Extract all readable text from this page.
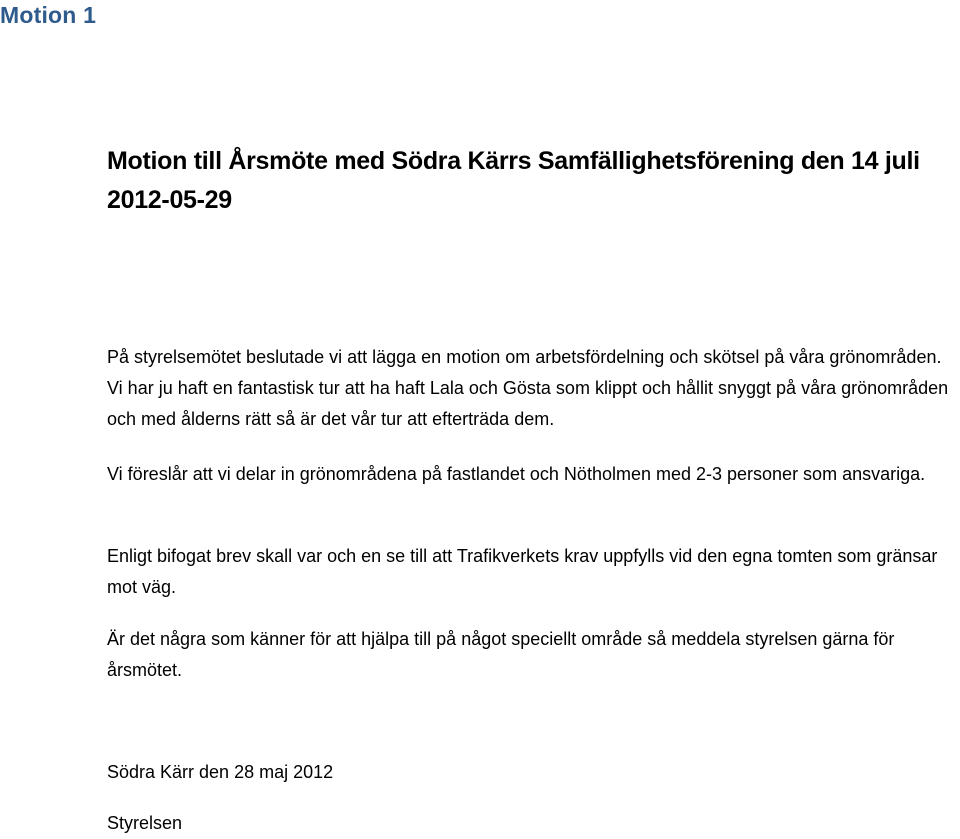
Motion 1
Motion till Årsmöte med Södra Kärrs Samfällighetsförening den 14 juli 2012-05-29

På styrelsemötet beslutade vi att lägga en motion om arbetsfördelning och skötsel på våra grönområden. Vi har ju haft en fantastisk tur att ha haft Lala och Gösta som klippt och hållit snyggt på våra grönområden och med ålderns rätt så är det vår tur att efterträda dem.

Vi föreslår att vi delar in grönområdena på fastlandet och Nötholmen med 2-3 personer som ansvariga.

Enligt bifogat brev skall var och en se till att Trafikverkets krav uppfylls vid den egna tomten som gränsar mot väg.

Är det några som känner för att hjälpa till på något speciellt område så meddela styrelsen gärna för årsmötet.

Södra Kärr den 28 maj 2012

Styrelsen
